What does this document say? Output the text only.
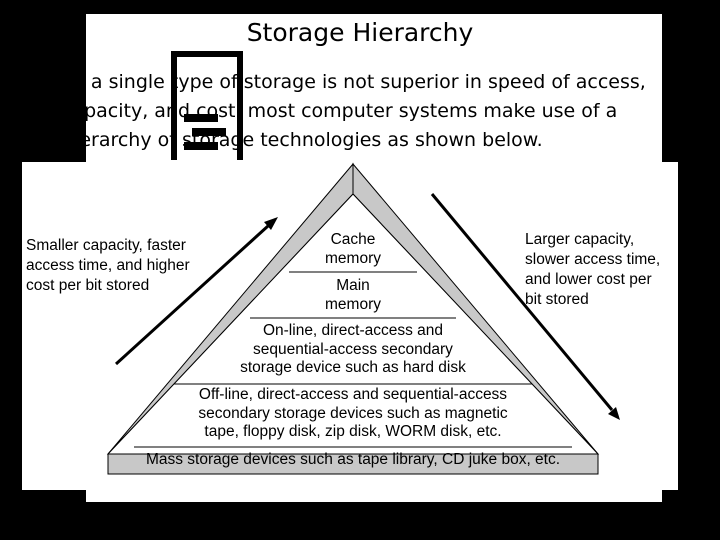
Storage Hierarchy
As a single type of storage is not superior in speed of access,
capacity, and cost, most computer systems make use of a
hierarchy of storage technologies as shown below.
Smaller capacity, faster
access time, and higher
cost per bit stored
Larger capacity,
slower access time,
and lower cost per
bit stored
Cache
memory
Main
memory
On-line, direct-access and
sequential-access secondary
storage device such as hard disk
Off-line, direct-access and sequential-access
secondary storage devices such as magnetic
tape, floppy disk, zip disk, WORM disk, etc.
Mass storage devices such as tape library, CD juke box, etc.
